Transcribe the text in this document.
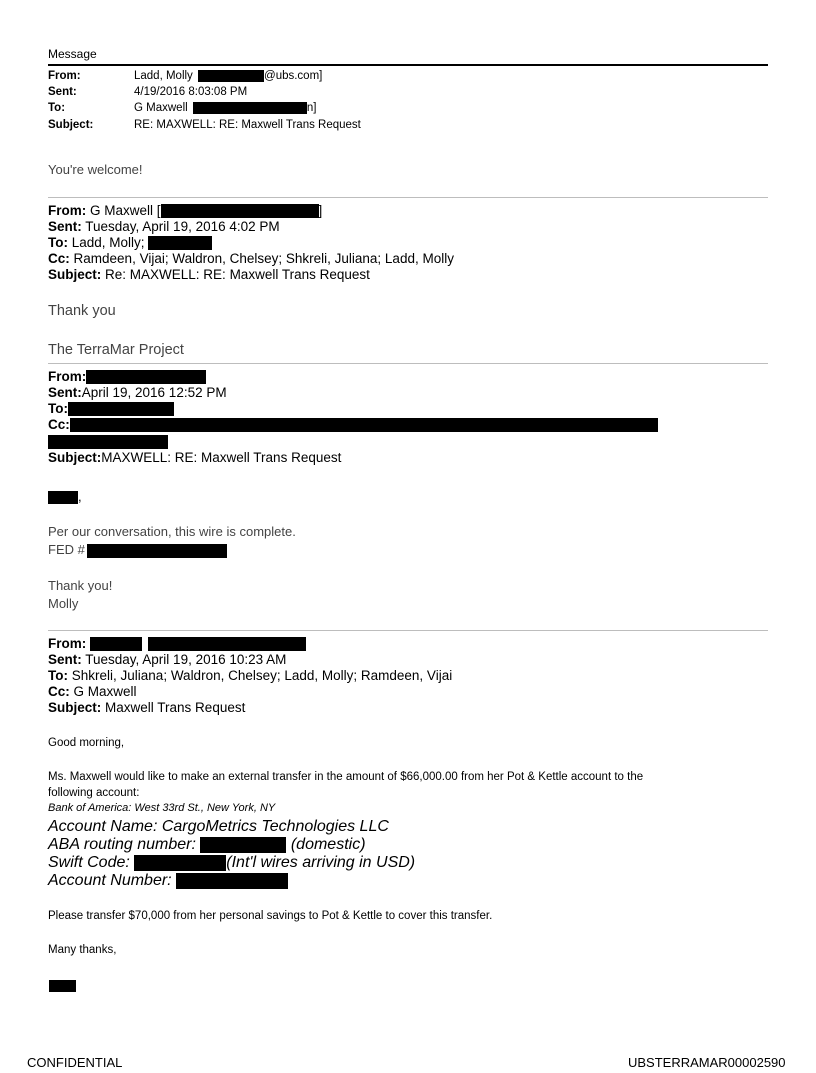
Message
From:	Ladd, Molly	@ubs.com]
Sent:	4/19/2016 8:03:08 PM
To:	G Maxwell	n]
Subject:	RE: MAXWELL: RE: Maxwell Trans Request
You're welcome!
From: G Maxwell [	]
Sent: Tuesday, April 19, 2016 4:02 PM
To: Ladd, Molly;
Cc: Ramdeen, Vijai; Waldron, Chelsey; Shkreli, Juliana; Ladd, Molly
Subject: Re: MAXWELL: RE: Maxwell Trans Request
Thank you
The TerraMar Project
From:
Sent:April 19, 2016 12:52 PM
To:
Cc:
Subject:MAXWELL: RE: Maxwell Trans Request
,
Per our conversation, this wire is complete.
FED #
Thank you!
Molly
From:
Sent: Tuesday, April 19, 2016 10:23 AM
To: Shkreli, Juliana; Waldron, Chelsey; Ladd, Molly; Ramdeen, Vijai
Cc: G Maxwell
Subject: Maxwell Trans Request
Good morning,
Ms. Maxwell would like to make an external transfer in the amount of $66,000.00 from her Pot & Kettle account to the
following account:
Bank of America: West 33rd St., New York, NY
Account Name: CargoMetrics Technologies LLC
ABA routing number:	(domestic)
Swift Code:	(Int'l wires arriving in USD)
Account Number:
Please transfer $70,000 from her personal savings to Pot & Kettle to cover this transfer.
Many thanks,
CONFIDENTIAL	UBSTERRAMAR00002590
